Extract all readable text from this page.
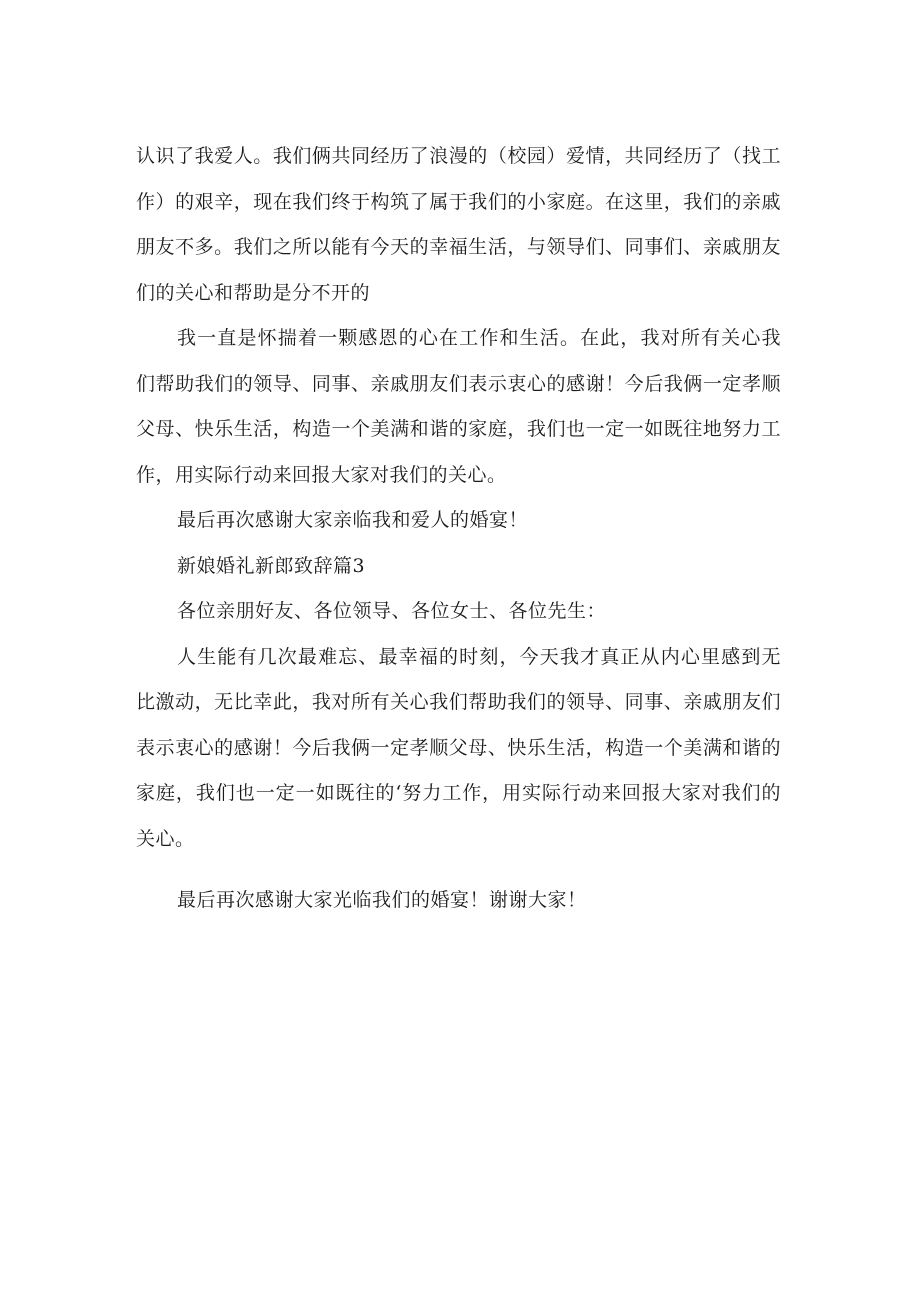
认识了我爱人。我们俩共同经历了浪漫的（校园）爱情，共同经历了（找工作）的艰辛，现在我们终于构筑了属于我们的小家庭。在这里，我们的亲戚朋友不多。我们之所以能有今天的幸福生活，与领导们、同事们、亲戚朋友们的关心和帮助是分不开的

我一直是怀揣着一颗感恩的心在工作和生活。在此，我对所有关心我们帮助我们的领导、同事、亲戚朋友们表示衷心的感谢！今后我俩一定孝顺父母、快乐生活，构造一个美满和谐的家庭，我们也一定一如既往地努力工作，用实际行动来回报大家对我们的关心。

最后再次感谢大家亲临我和爱人的婚宴！

新娘婚礼新郎致辞篇3

各位亲朋好友、各位领导、各位女士、各位先生：

人生能有几次最难忘、最幸福的时刻，今天我才真正从内心里感到无比激动，无比幸此，我对所有关心我们帮助我们的领导、同事、亲戚朋友们表示衷心的感谢！今后我俩一定孝顺父母、快乐生活，构造一个美满和谐的家庭，我们也一定一如既往的‘努力工作，用实际行动来回报大家对我们的关心。

最后再次感谢大家光临我们的婚宴！谢谢大家！
